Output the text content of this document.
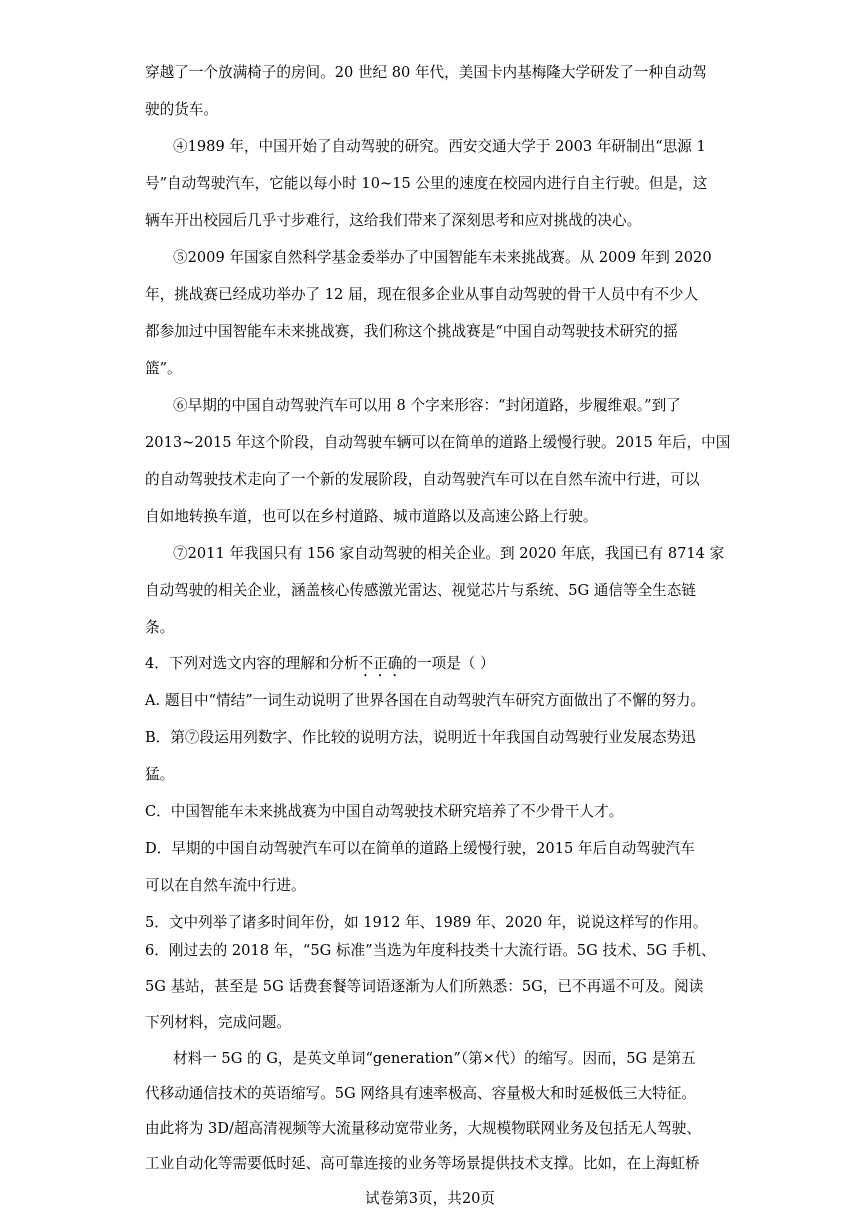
穿越了一个放满椅子的房间。20 世纪 80 年代，美国卡内基梅隆大学研发了一种自动驾
驶的货车。
④1989 年，中国开始了自动驾驶的研究。西安交通大学于 2003 年研制出“思源 1
号”自动驾驶汽车，它能以每小时 10~15 公里的速度在校园内进行自主行驶。但是，这
辆车开出校园后几乎寸步难行，这给我们带来了深刻思考和应对挑战的决心。
⑤2009 年国家自然科学基金委举办了中国智能车未来挑战赛。从 2009 年到 2020
年，挑战赛已经成功举办了 12 届，现在很多企业从事自动驾驶的骨干人员中有不少人
都参加过中国智能车未来挑战赛，我们称这个挑战赛是“中国自动驾驶技术研究的摇
篮”。
⑥早期的中国自动驾驶汽车可以用 8 个字来形容：“封闭道路，步履维艰。”到了
2013~2015 年这个阶段，自动驾驶车辆可以在简单的道路上缓慢行驶。2015 年后，中国
的自动驾驶技术走向了一个新的发展阶段，自动驾驶汽车可以在自然车流中行进，可以
自如地转换车道，也可以在乡村道路、城市道路以及高速公路上行驶。
⑦2011 年我国只有 156 家自动驾驶的相关企业。到 2020 年底，我国已有 8714 家
自动驾驶的相关企业，涵盖核心传感激光雷达、视觉芯片与系统、5G 通信等全生态链
条。
4．下列对选文内容的理解和分析不正确的一项是（ ）
A. 题目中“情结”一词生动说明了世界各国在自动驾驶汽车研究方面做出了不懈的努力。
B．第⑦段运用列数字、作比较的说明方法，说明近十年我国自动驾驶行业发展态势迅
猛。
C．中国智能车未来挑战赛为中国自动驾驶技术研究培养了不少骨干人才。
D．早期的中国自动驾驶汽车可以在简单的道路上缓慢行驶，2015 年后自动驾驶汽车
可以在自然车流中行进。
5．文中列举了诸多时间年份，如 1912 年、1989 年、2020 年，说说这样写的作用。
6．刚过去的 2018 年，“5G 标准”当选为年度科技类十大流行语。5G 技术、5G 手机、
5G 基站，甚至是 5G 话费套餐等词语逐渐为人们所熟悉：5G，已不再遥不可及。阅读
下列材料，完成问题。
材料一 5G 的 G，是英文单词“generation”（第×代）的缩写。因而，5G 是第五
代移动通信技术的英语缩写。5G 网络具有速率极高、容量极大和时延极低三大特征。
由此将为 3D/超高清视频等大流量移动宽带业务，大规模物联网业务及包括无人驾驶、
工业自动化等需要低时延、高可靠连接的业务等场景提供技术支撑。比如，在上海虹桥
试卷第3页，共20页
